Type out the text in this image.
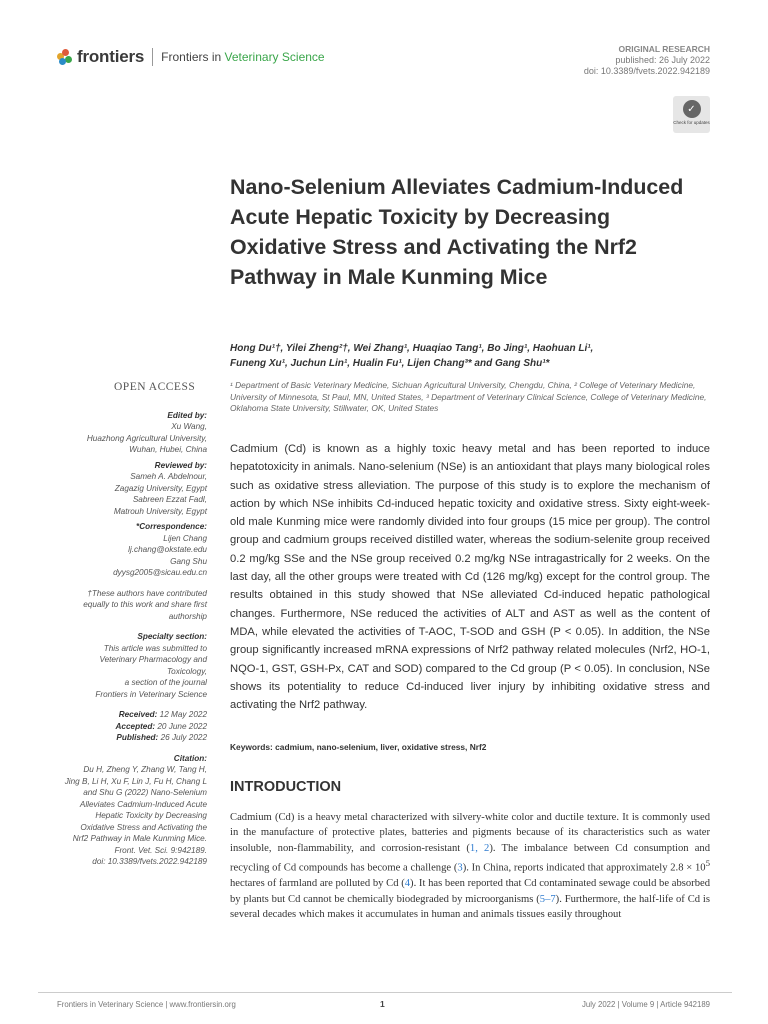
frontiers Frontiers in Veterinary Science
ORIGINAL RESEARCH
published: 26 July 2022
doi: 10.3389/fvets.2022.942189
✓
Check for updates
Nano-Selenium Alleviates Cadmium-Induced Acute Hepatic Toxicity by Decreasing Oxidative Stress and Activating the Nrf2 Pathway in Male Kunming Mice
Hong Du¹†, Yilei Zheng²†, Wei Zhang¹, Huaqiao Tang¹, Bo Jing¹, Haohuan Li¹,
Funeng Xu¹, Juchun Lin¹, Hualin Fu¹, Lijen Chang³* and Gang Shu¹*
¹ Department of Basic Veterinary Medicine, Sichuan Agricultural University, Chengdu, China, ² College of Veterinary Medicine, University of Minnesota, St Paul, MN, United States, ³ Department of Veterinary Clinical Science, College of Veterinary Medicine, Oklahoma State University, Stillwater, OK, United States
OPEN ACCESS
Edited by:
Xu Wang,
Huazhong Agricultural University,
Wuhan, Hubei, China
Reviewed by:
Sameh A. Abdelnour,
Zagazig University, Egypt
Sabreen Ezzat Fadl,
Matrouh University, Egypt
*Correspondence:
Lijen Chang
lj.chang@okstate.edu
Gang Shu
dyysg2005@sicau.edu.cn
†These authors have contributed
equally to this work and share first
authorship
Specialty section:
This article was submitted to
Veterinary Pharmacology and
Toxicology,
a section of the journal
Frontiers in Veterinary Science
Received: 12 May 2022
Accepted: 20 June 2022
Published: 26 July 2022
Citation:
Du H, Zheng Y, Zhang W, Tang H,
Jing B, Li H, Xu F, Lin J, Fu H, Chang L
and Shu G (2022) Nano-Selenium
Alleviates Cadmium-Induced Acute
Hepatic Toxicity by Decreasing
Oxidative Stress and Activating the
Nrf2 Pathway in Male Kunming Mice.
Front. Vet. Sci. 9:942189.
doi: 10.3389/fvets.2022.942189

Cadmium (Cd) is known as a highly toxic heavy metal and has been reported to induce hepatotoxicity in animals. Nano-selenium (NSe) is an antioxidant that plays many biological roles such as oxidative stress alleviation. The purpose of this study is to explore the mechanism of action by which NSe inhibits Cd-induced hepatic toxicity and oxidative stress. Sixty eight-week-old male Kunming mice were randomly divided into four groups (15 mice per group). The control group and cadmium groups received distilled water, whereas the sodium-selenite group received 0.2 mg/kg SSe and the NSe group received 0.2 mg/kg NSe intragastrically for 2 weeks. On the last day, all the other groups were treated with Cd (126 mg/kg) except for the control group. The results obtained in this study showed that NSe alleviated Cd-induced hepatic pathological changes. Furthermore, NSe reduced the activities of ALT and AST as well as the content of MDA, while elevated the activities of T-AOC, T-SOD and GSH (P < 0.05). In addition, the NSe group significantly increased mRNA expressions of Nrf2 pathway related molecules (Nrf2, HO-1, NQO-1, GST, GSH-Px, CAT and SOD) compared to the Cd group (P < 0.05). In conclusion, NSe shows its potentiality to reduce Cd-induced liver injury by inhibiting oxidative stress and activating the Nrf2 pathway.

Keywords: cadmium, nano-selenium, liver, oxidative stress, Nrf2
INTRODUCTION

Cadmium (Cd) is a heavy metal characterized with silvery-white color and ductile texture. It is commonly used in the manufacture of protective plates, batteries and pigments because of its characteristics such as water insoluble, non-flammability, and corrosion-resistant (1, 2). The imbalance between Cd consumption and recycling of Cd compounds has become a challenge (3). In China, reports indicated that approximately $2.8 \times 10^5$ hectares of farmland are polluted by Cd (4). It has been reported that Cd contaminated sewage could be absorbed by plants but Cd cannot be chemically biodegraded by microorganisms (5–7). Furthermore, the half-life of Cd is several decades which makes it accumulates in human and animals tissues easily throughout

Frontiers in Veterinary Science | www.frontiersin.org	1	July 2022 | Volume 9 | Article 942189
